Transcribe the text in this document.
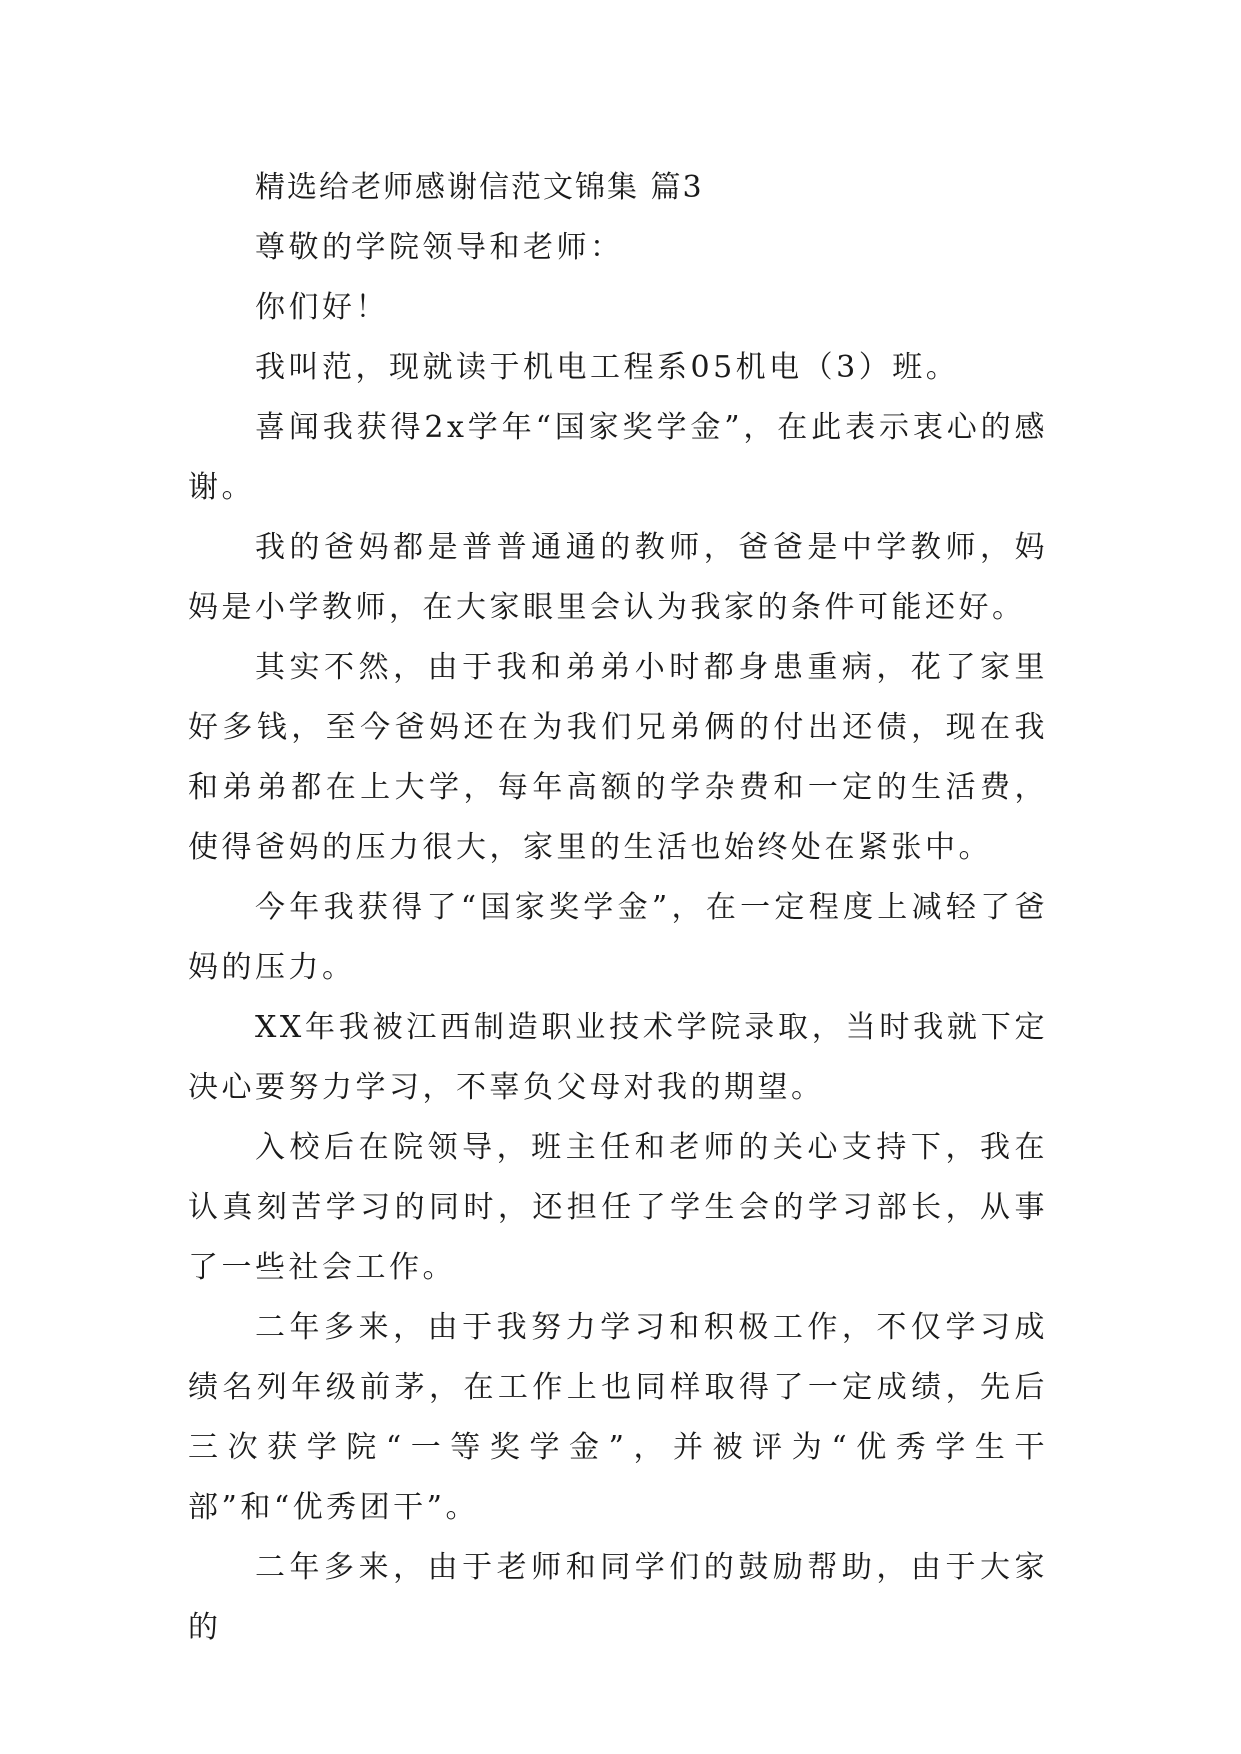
精选给老师感谢信范文锦集 篇3

尊敬的学院领导和老师：

你们好！

我叫范，现就读于机电工程系05机电（3）班。

喜闻我获得2x学年“国家奖学金”，在此表示衷心的感谢。

我的爸妈都是普普通通的教师，爸爸是中学教师，妈妈是小学教师，在大家眼里会认为我家的条件可能还好。

其实不然，由于我和弟弟小时都身患重病，花了家里好多钱，至今爸妈还在为我们兄弟俩的付出还债，现在我和弟弟都在上大学，每年高额的学杂费和一定的生活费，使得爸妈的压力很大，家里的生活也始终处在紧张中。

今年我获得了“国家奖学金”，在一定程度上减轻了爸妈的压力。

XX年我被江西制造职业技术学院录取，当时我就下定决心要努力学习，不辜负父母对我的期望。

入校后在院领导，班主任和老师的关心支持下，我在认真刻苦学习的同时，还担任了学生会的学习部长，从事了一些社会工作。

二年多来，由于我努力学习和积极工作，不仅学习成绩名列年级前茅，在工作上也同样取得了一定成绩，先后三次获学院“一等奖学金”，并被评为“优秀学生干部”和“优秀团干”。

二年多来，由于老师和同学们的鼓励帮助，由于大家的
